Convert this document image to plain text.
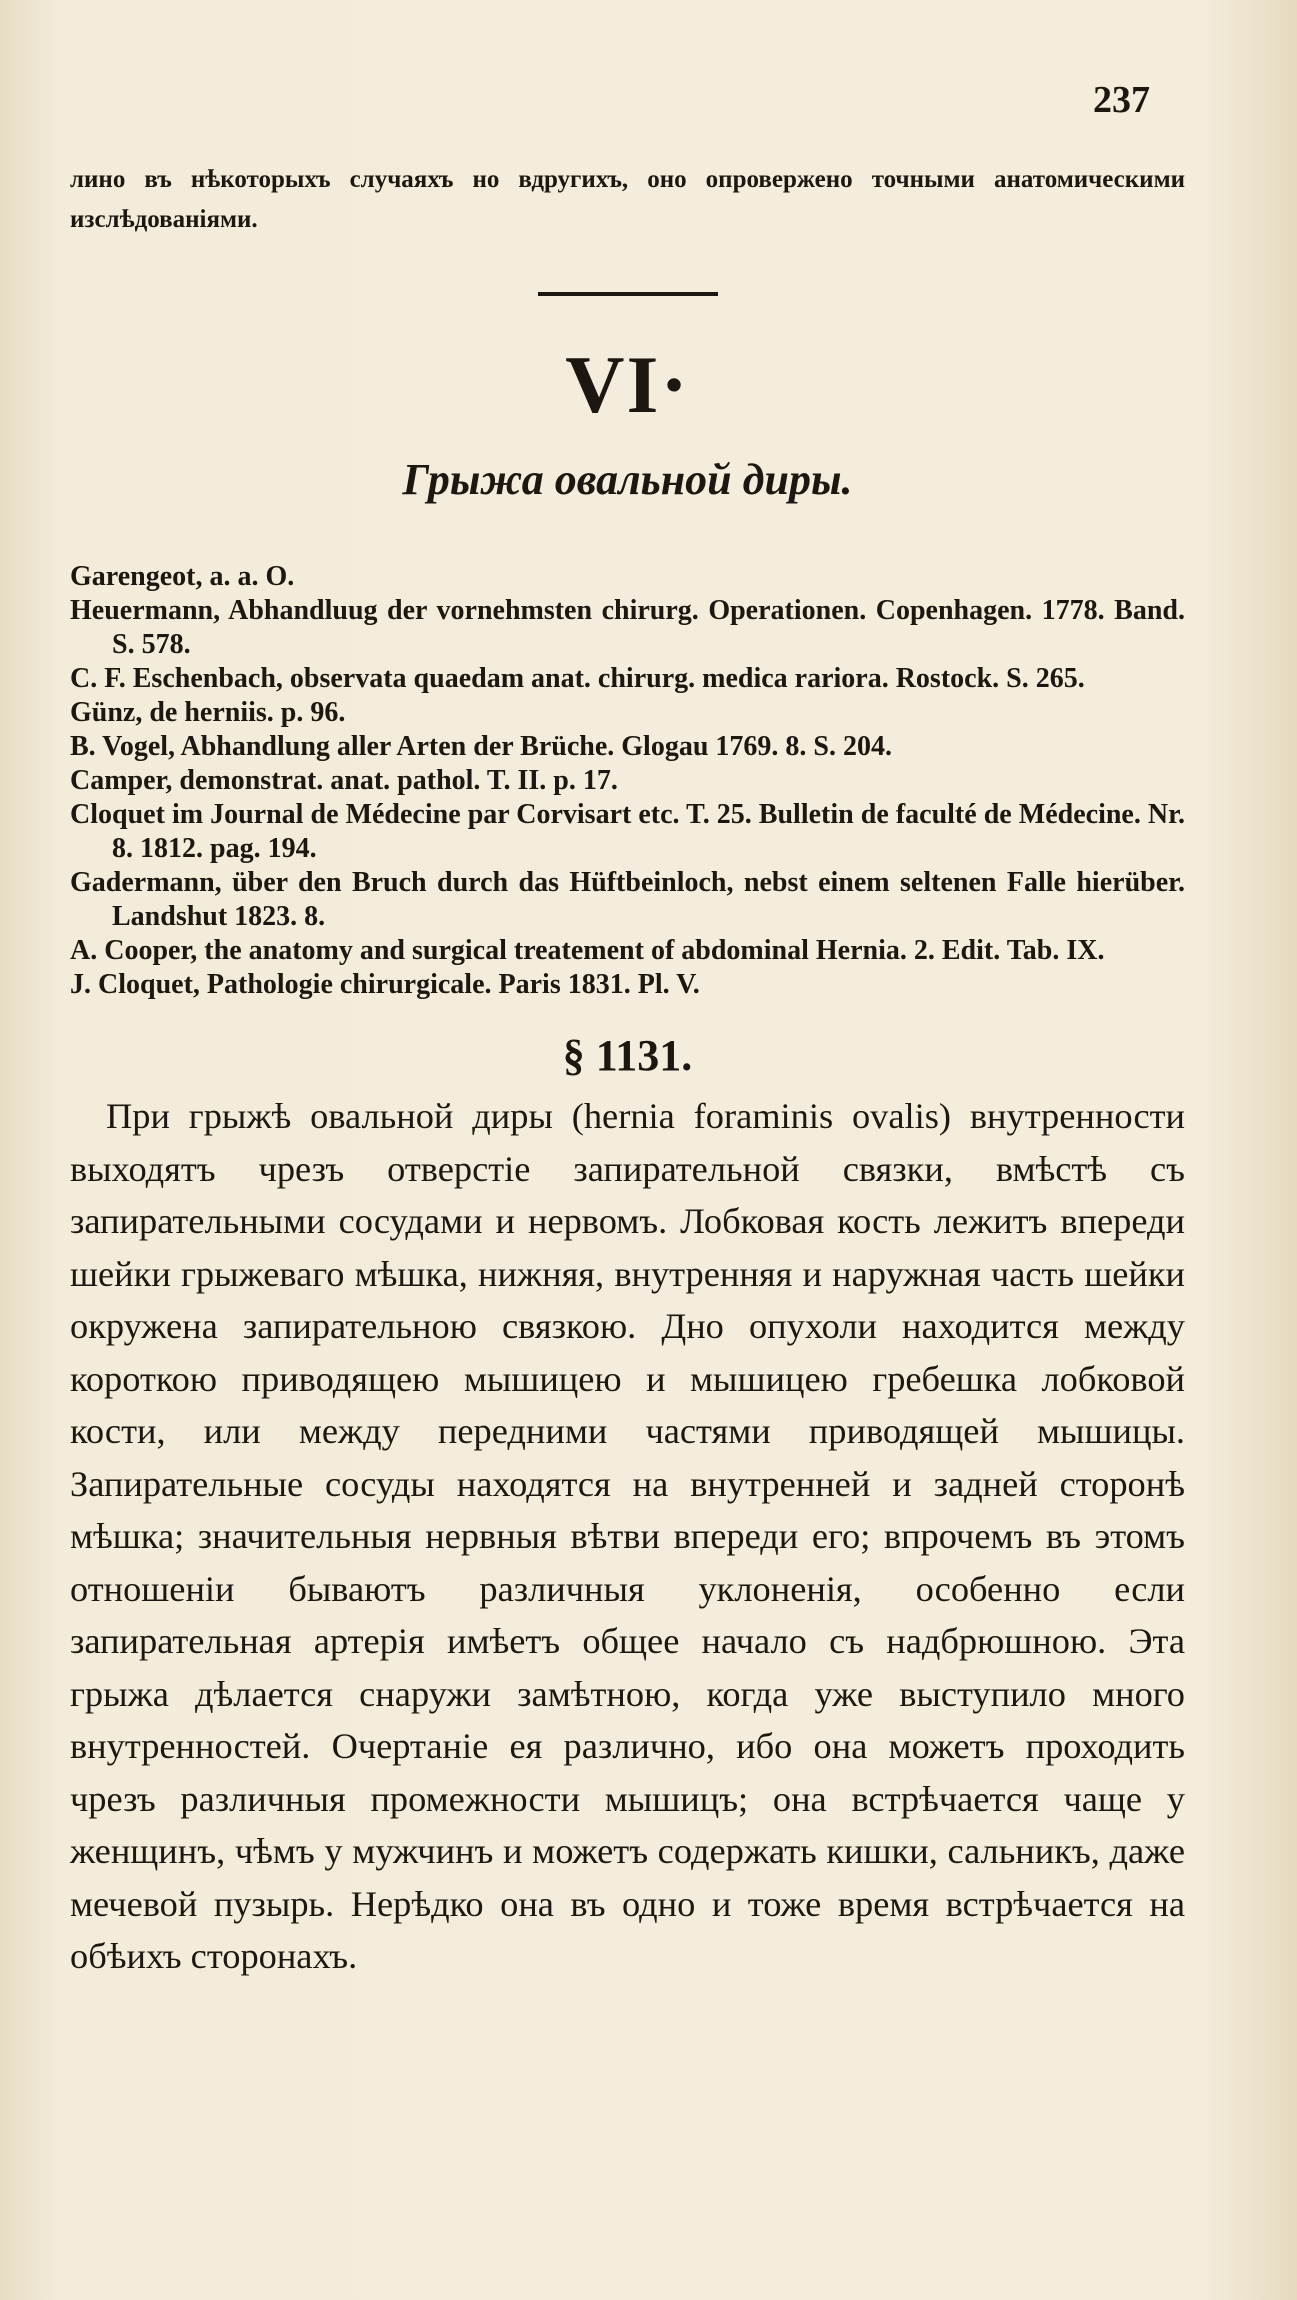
237

лино въ нѣкоторыхъ случаяхъ но вдругихъ, оно опровержено точными анатомическими изслѣдованіями.

VI·
Грыжа овальной диры.
Garengeot, a. a. O.
Heuermann, Abhandluug der vornehmsten chirurg. Operationen. Copenhagen. 1778. Band. S. 578.
C. F. Eschenbach, observata quaedam anat. chirurg. medica rariora. Rostock. S. 265.
Günz, de herniis. p. 96.
B. Vogel, Abhandlung aller Arten der Brüche. Glogau 1769. 8. S. 204.
Camper, demonstrat. anat. pathol. T. II. p. 17.
Cloquet im Journal de Médecine par Corvisart etc. T. 25. Bulletin de faculté de Médecine. Nr. 8. 1812. pag. 194.
Gadermann, über den Bruch durch das Hüftbeinloch, nebst einem seltenen Falle hierüber. Landshut 1823. 8.
A. Cooper, the anatomy and surgical treatement of abdominal Hernia. 2. Edit. Tab. IX.
J. Cloquet, Pathologie chirurgicale. Paris 1831. Pl. V.
§ 1131.

При грыжѣ овальной диры (hernia foraminis ovalis) внутренности выходятъ чрезъ отверстіе запирательной связки, вмѣстѣ съ запирательными сосудами и нервомъ. Лобковая кость лежитъ впереди шейки грыжеваго мѣшка, нижняя, внутренняя и наружная часть шейки окружена запирательною связкою. Дно опухоли находится между короткою приводящею мышицею и мышицею гребешка лобковой кости, или между передними частями приводящей мышицы. Запирательные сосуды находятся на внутренней и задней сторонѣ мѣшка; значительныя нервныя вѣтви впереди его; впрочемъ въ этомъ отношеніи бываютъ различныя уклоненія, особенно если запирательная артерія имѣетъ общее начало съ надбрюшною. Эта грыжа дѣлается снаружи замѣтною, когда уже выступило много внутренностей. Очертаніе ея различно, ибо она можетъ проходить чрезъ различныя промежности мышицъ; она встрѣчается чаще у женщинъ, чѣмъ у мужчинъ и можетъ содержать кишки, сальникъ, даже мечевой пузырь. Нерѣдко она въ одно и тоже время встрѣчается на обѣихъ сторонахъ.
